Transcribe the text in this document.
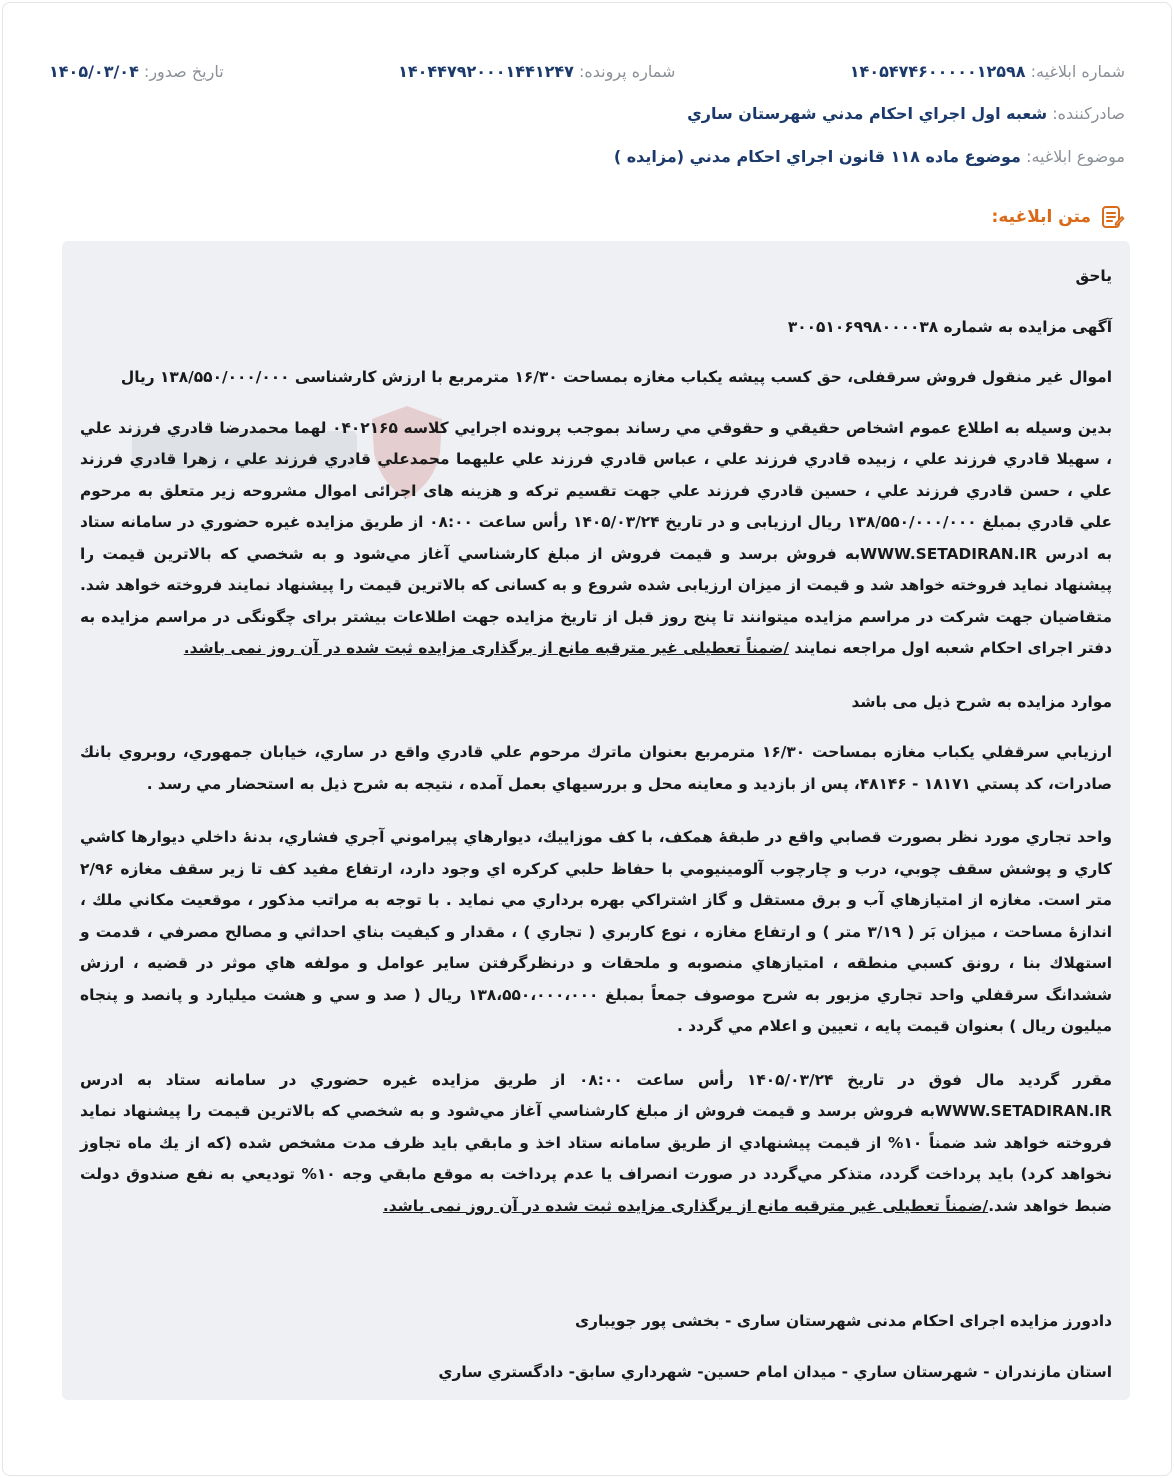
شماره ابلاغیه: ۱۴۰۵۴۷۴۶۰۰۰۰۰۱۲۵۹۸
شماره پرونده: ۱۴۰۴۴۷۹۲۰۰۰۱۴۴۱۲۴۷
تاریخ صدور: ۱۴۰۵/۰۳/۰۴
صادرکننده: شعبه اول اجراي احكام مدني شهرستان ساري
موضوع ابلاغیه: موضوع ماده ۱۱۸ قانون اجراي احكام مدني (مزايده )
متن ابلاغیه:

ياحق

آگهی مزایده به شماره ۳۰۰۵۱۰۶۹۹۸۰۰۰۰۳۸

اموال غیر منقول فروش سرقفلی، حق کسب پیشه یکباب مغازه بمساحت ۱۶/۳۰ مترمربع با ارزش کارشناسی ۱۳۸/۵۵۰/۰۰۰/۰۰۰ ریال

بدين وسيله به اطلاع عموم اشخاص حقيقي و حقوقي مي رساند بموجب پرونده اجرايي كلاسه ۰۴۰۲۱۶۵ لهما محمدرضا قادري فرزند علي ، سهيلا قادري فرزند علي ، زبيده قادري فرزند علي ، عباس قادري فرزند علي عليهما محمدعلي قادري فرزند علي ، زهرا قادري فرزند علي ، حسن قادري فرزند علي ، حسين قادري فرزند علي جهت تقسیم ترکه و هزینه های اجرائی اموال مشروحه زير متعلق به مرحوم علي قادري بمبلغ ۱۳۸/۵۵۰/۰۰۰/۰۰۰ ریال ارزیابی و در تاريخ ۱۴۰۵/۰۳/۲۴ رأس ساعت ۰۸:۰۰ از طريق مزايده غيره حضوري در سامانه ستاد به ادرس WWW.SETADIRAN.IRبه فروش برسد و قيمت فروش از مبلغ كارشناسي آغاز مي‌شود و به شخصي كه بالاترين قيمت را پيشنهاد نمايد فروخته خواهد شد و قیمت از میزان ارزیابی شده شروع و به کسانی که بالاترین قیمت را پیشنهاد نمایند فروخته خواهد شد. متقاضیان جهت شرکت در مراسم مزایده میتوانند تا پنج روز قبل از تاریخ مزایده جهت اطلاعات بیشتر برای چگونگی در مراسم مزایده به دفتر اجرای احکام شعبه اول مراجعه نمایند /ضمناً تعطیلی غیر مترقبه مانع از برگذاری مزایده ثبت شده در آن روز نمی باشد.

موارد مزایده به شرح ذیل می باشد

ارزيابي سرقفلي يكباب مغازه بمساحت ۱۶/۳۰ مترمربع بعنوان ماترك مرحوم علي قادري واقع در ساري، خيابان جمهوري، روبروي بانك صادرات، كد پستي ۱۸۱۷۱ - ۴۸۱۴۶، پس از بازديد و معاينه محل و بررسيهاي بعمل آمده ، نتيجه به شرح ذيل به استحضار مي رسد .

واحد تجاري مورد نظر بصورت قصابي واقع در طبقهٔ همكف، با كف موزاييك، ديوارهاي پيراموني آجري فشاري، بدنهٔ داخلي ديوارها كاشي كاري و پوشش سقف چوبي، درب و چارچوب آلومينيومي با حفاظ حلبي كركره اي وجود دارد، ارتفاع مفيد كف تا زير سقف مغازه ۲/۹۶ متر است. مغازه از امتيازهاي آب و برق مستقل و گاز اشتراكي بهره برداري مي نمايد . با توجه به مراتب مذكور ، موقعيت مكاني ملك ، اندازهٔ مساحت ، ميزان بَر ( ۳/۱۹ متر ) و ارتفاع مغازه ، نوع كاربري ( تجاري ) ، مقدار و كيفيت بناي احداثي و مصالح مصرفي ، قدمت و استهلاك بنا ، رونق كسبي منطقه ، امتيازهاي منصوبه و ملحقات و درنظرگرفتن ساير عوامل و مولفه هاي موثر در قضيه ، ارزش ششدانگ سرقفلي واحد تجاري مزبور به شرح موصوف جمعاً بمبلغ ۱۳۸،۵۵۰،۰۰۰،۰۰۰ ريال ( صد و سي و هشت ميليارد و پانصد و پنجاه ميليون ريال ) بعنوان قيمت پايه ، تعيين و اعلام مي گردد .

مقرر گرديد مال فوق در تاريخ ۱۴۰۵/۰۳/۲۴ رأس ساعت ۰۸:۰۰ از طريق مزايده غيره حضوري در سامانه ستاد به ادرس WWW.SETADIRAN.IRبه فروش برسد و قيمت فروش از مبلغ كارشناسي آغاز مي‌شود و به شخصي كه بالاترين قيمت را پيشنهاد نمايد فروخته خواهد شد ضمناً ۱۰% از قيمت پيشنهادي از طريق سامانه ستاد اخذ و مابقي بايد ظرف مدت مشخص شده (كه از يك ماه تجاوز نخواهد كرد) بايد پرداخت گردد، متذكر مي‌گردد در صورت انصراف يا عدم پرداخت به موقع مابقي وجه ۱۰% توديعي به نفع صندوق دولت ضبط خواهد شد./ضمناً تعطیلی غیر مترقبه مانع از برگذاری مزایده ثبت شده در آن روز نمی باشد.

دادورز مزایده اجرای احکام مدنی شهرستان ساری - بخشی پور جویباری

استان مازندران - شهرستان ساري - ميدان امام حسين- شهرداري سابق- دادگستري ساري
